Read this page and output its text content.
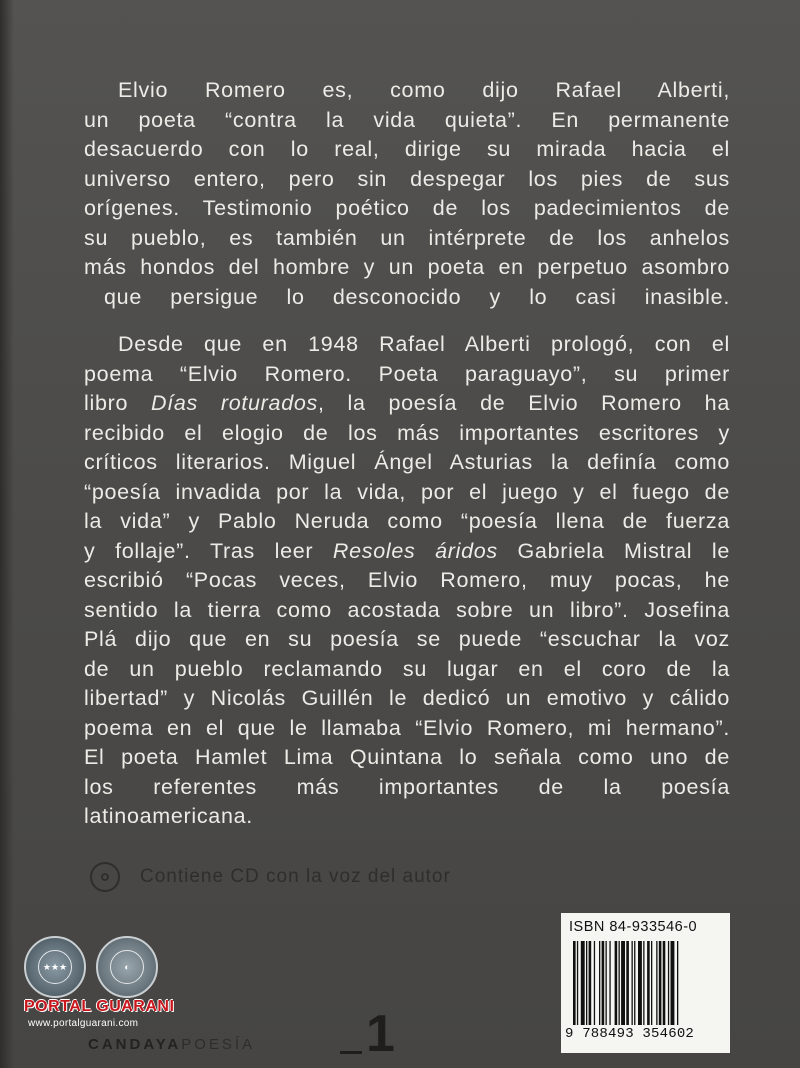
Elvio Romero es, como dijo Rafael Alberti,
un poeta “contra la vida quieta”. En permanente
desacuerdo con lo real, dirige su mirada hacia el
universo entero, pero sin despegar los pies de sus
orígenes. Testimonio poético de los padecimientos de
su pueblo, es también un intérprete de los anhelos
más hondos del hombre y un poeta en perpetuo asombro
que persigue lo desconocido y lo casi inasible.

Desde que en 1948 Rafael Alberti prologó, con el
poema “Elvio Romero. Poeta paraguayo”, su primer
libro Días roturados, la poesía de Elvio Romero ha
recibido el elogio de los más importantes escritores y
críticos literarios. Miguel Ángel Asturias la definía como
“poesía invadida por la vida, por el juego y el fuego de
la vida” y Pablo Neruda como “poesía llena de fuerza
y follaje”. Tras leer Resoles áridos Gabriela Mistral le
escribió “Pocas veces, Elvio Romero, muy pocas, he
sentido la tierra como acostada sobre un libro”. Josefina
Plá dijo que en su poesía se puede “escuchar la voz
de un pueblo reclamando su lugar en el coro de la
libertad” y Nicolás Guillén le dedicó un emotivo y cálido
poema en el que le llamaba “Elvio Romero, mi hermano”.
El poeta Hamlet Lima Quintana lo señala como uno de
los referentes más importantes de la poesía
latinoamericana.

Contiene CD con la voz del autor
ISBN 84-933546-0
9 788493 354602
★★★	◐
PORTAL GUARANI
www.portalguarani.com
CANDAYAPOESÍA 1
